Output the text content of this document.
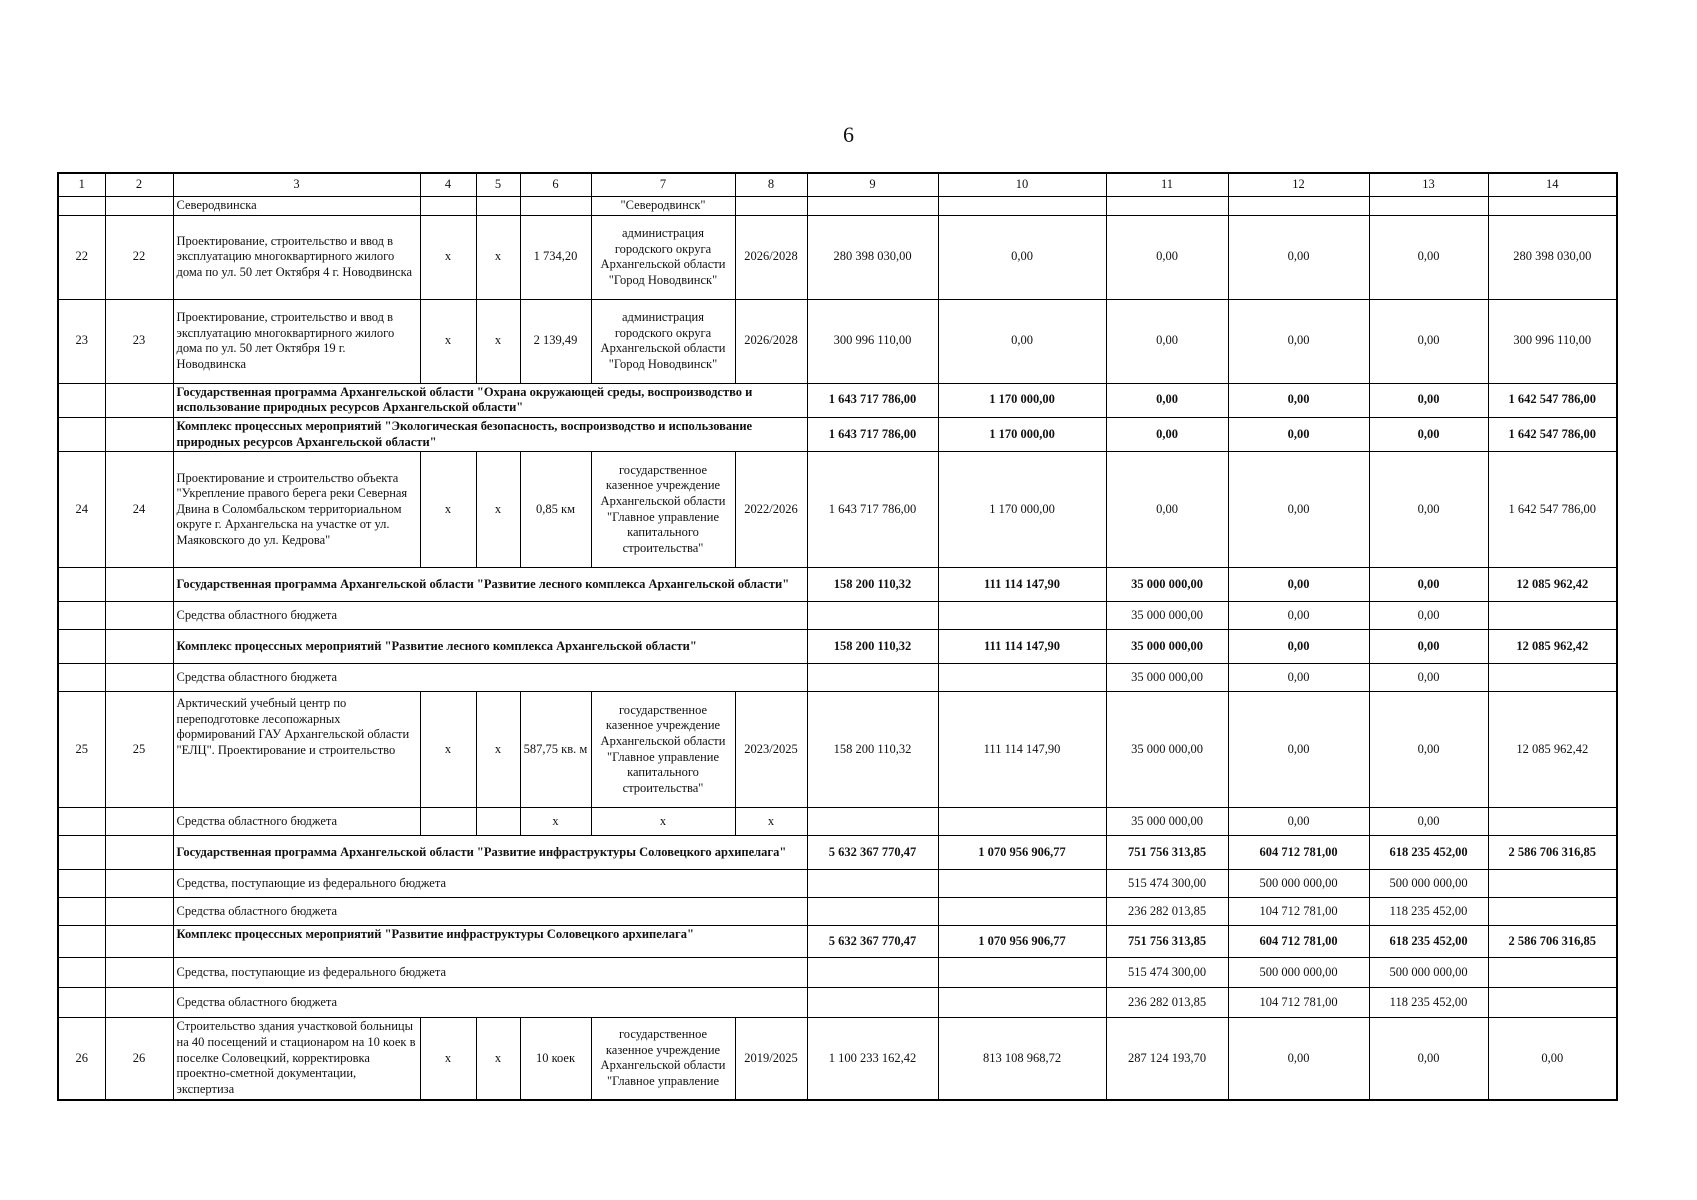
6
1	2	3	4	5	6	7	8	9	10	11	12	13	14
		Северодвинска				"Северодвинск"							
22	22	Проектирование, строительство и ввод в эксплуатацию многоквартирного жилого дома по ул. 50 лет Октября 4 г. Новодвинска	х	х	1 734,20	администрация городского округа Архангельской области "Город Новодвинск"	2026/2028	280 398 030,00	0,00	0,00	0,00	0,00	280 398 030,00
23	23	Проектирование, строительство и ввод в эксплуатацию многоквартирного жилого дома по ул. 50 лет Октября 19 г. Новодвинска	х	х	2 139,49	администрация городского округа Архангельской области "Город Новодвинск"	2026/2028	300 996 110,00	0,00	0,00	0,00	0,00	300 996 110,00
		Государственная программа Архангельской области "Охрана окружающей среды, воспроизводство и использование природных ресурсов Архангельской области"						1 643 717 786,00	1 170 000,00	0,00	0,00	0,00	1 642 547 786,00
		Комплекс процессных мероприятий "Экологическая безопасность, воспроизводство и использование природных ресурсов Архангельской области"						1 643 717 786,00	1 170 000,00	0,00	0,00	0,00	1 642 547 786,00
24	24	Проектирование и строительство объекта "Укрепление правого берега реки Северная Двина в Соломбальском территориальном округе г. Архангельска на участке от ул. Маяковского до ул. Кедрова"	х	х	0,85 км	государственное казенное учреждение Архангельской области "Главное управление капитального строительства"	2022/2026	1 643 717 786,00	1 170 000,00	0,00	0,00	0,00	1 642 547 786,00
		Государственная программа Архангельской области "Развитие лесного комплекса Архангельской области"						158 200 110,32	111 114 147,90	35 000 000,00	0,00	0,00	12 085 962,42
		Средства областного бюджета								35 000 000,00	0,00	0,00	
		Комплекс процессных мероприятий "Развитие лесного комплекса Архангельской области"						158 200 110,32	111 114 147,90	35 000 000,00	0,00	0,00	12 085 962,42
		Средства областного бюджета								35 000 000,00	0,00	0,00	
25	25	Арктический учебный центр по переподготовке лесопожарных формирований ГАУ Архангельской области "ЕЛЦ". Проектирование и строительство	х	х	587,75 кв. м	государственное казенное учреждение Архангельской области "Главное управление капитального строительства"	2023/2025	158 200 110,32	111 114 147,90	35 000 000,00	0,00	0,00	12 085 962,42
		Средства областного бюджета			х	х	х			35 000 000,00	0,00	0,00	
		Государственная программа Архангельской области "Развитие инфраструктуры Соловецкого архипелага"						5 632 367 770,47	1 070 956 906,77	751 756 313,85	604 712 781,00	618 235 452,00	2 586 706 316,85
		Средства, поступающие из федерального бюджета								515 474 300,00	500 000 000,00	500 000 000,00	
		Средства областного бюджета								236 282 013,85	104 712 781,00	118 235 452,00	
		Комплекс процессных мероприятий "Развитие инфраструктуры Соловецкого архипелага"						5 632 367 770,47	1 070 956 906,77	751 756 313,85	604 712 781,00	618 235 452,00	2 586 706 316,85
		Средства, поступающие из федерального бюджета								515 474 300,00	500 000 000,00	500 000 000,00	
		Средства областного бюджета								236 282 013,85	104 712 781,00	118 235 452,00	
26	26	Строительство здания участковой больницы на 40 посещений и стационаром на 10 коек в поселке Соловецкий, корректировка проектно-сметной документации, экспертиза	х	х	10 коек	государственное казенное учреждение Архангельской области "Главное управление	2019/2025	1 100 233 162,42	813 108 968,72	287 124 193,70	0,00	0,00	0,00
